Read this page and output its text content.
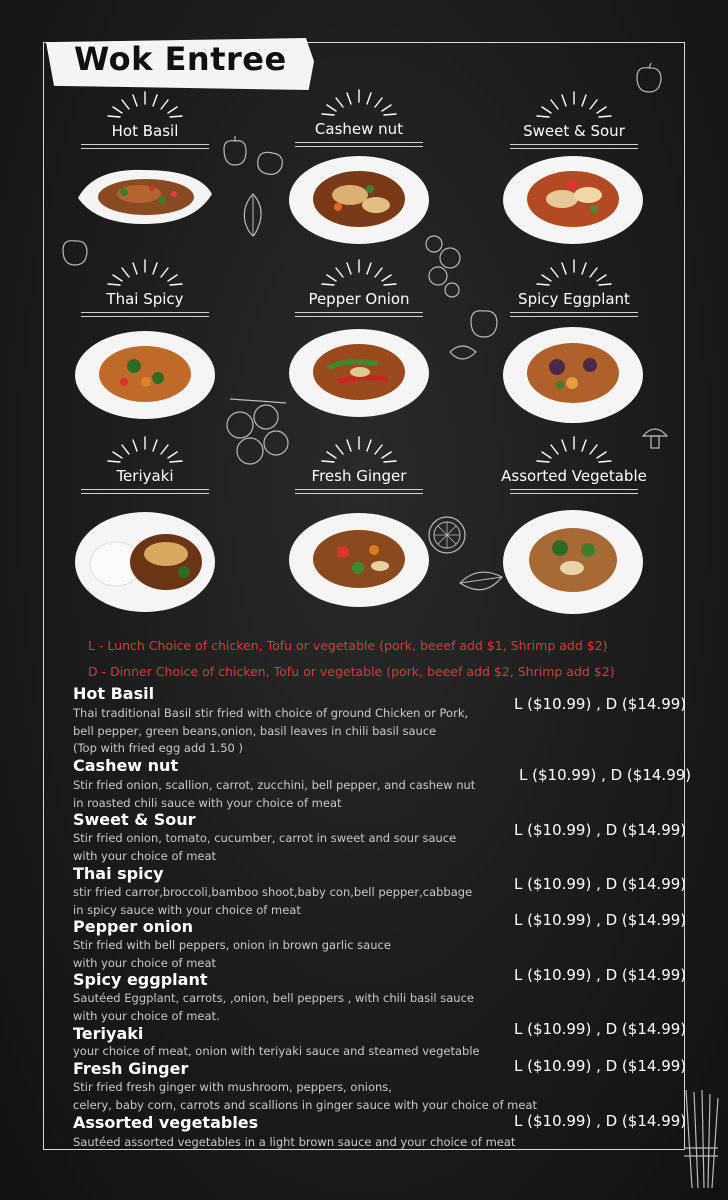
Wok Entree
Hot Basil	Cashew nut	Sweet & Sour
Thai Spicy	Pepper Onion	Spicy Eggplant
Teriyaki	Fresh Ginger	Assorted Vegetable
L - Lunch Choice of chicken, Tofu or vegetable (pork, beeef add $1, Shrimp add $2)
D - Dinner Choice of chicken, Tofu or vegetable (pork, beeef add $2, Shrimp add $2)
Hot Basil
Thai traditional Basil stir fried with choice of ground Chicken or Pork,
bell pepper, green beans,onion, basil leaves in chili basil sauce
(Top with fried egg add 1.50 )
L ($10.99) , D ($14.99)
Cashew nut
Stir fried onion, scallion, carrot, zucchini, bell pepper, and cashew nut
in roasted chili sauce with your choice of meat
L ($10.99) , D ($14.99)
Sweet & Sour
Stir fried onion, tomato, cucumber, carrot in sweet and sour sauce
with your choice of meat
L ($10.99) , D ($14.99)
Thai spicy
stir fried carror,broccoli,bamboo shoot,baby con,bell pepper,cabbage
in spicy sauce with your choice of meat
L ($10.99) , D ($14.99)
Pepper onion
Stir fried with bell peppers, onion in brown garlic sauce
with your choice of meat
L ($10.99) , D ($14.99)
Spicy eggplant
Sautéed Eggplant, carrots, ,onion, bell peppers , with chili basil sauce
with your choice of meat.
L ($10.99) , D ($14.99)
Teriyaki
your choice of meat, onion with teriyaki sauce and steamed vegetable
L ($10.99) , D ($14.99)
Fresh Ginger
Stir fried fresh ginger with mushroom, peppers, onions,
celery, baby corn, carrots and scallions in ginger sauce with your choice of meat
L ($10.99) , D ($14.99)
Assorted vegetables
Sautéed assorted vegetables in a light brown sauce and your choice of meat
L ($10.99) , D ($14.99)
